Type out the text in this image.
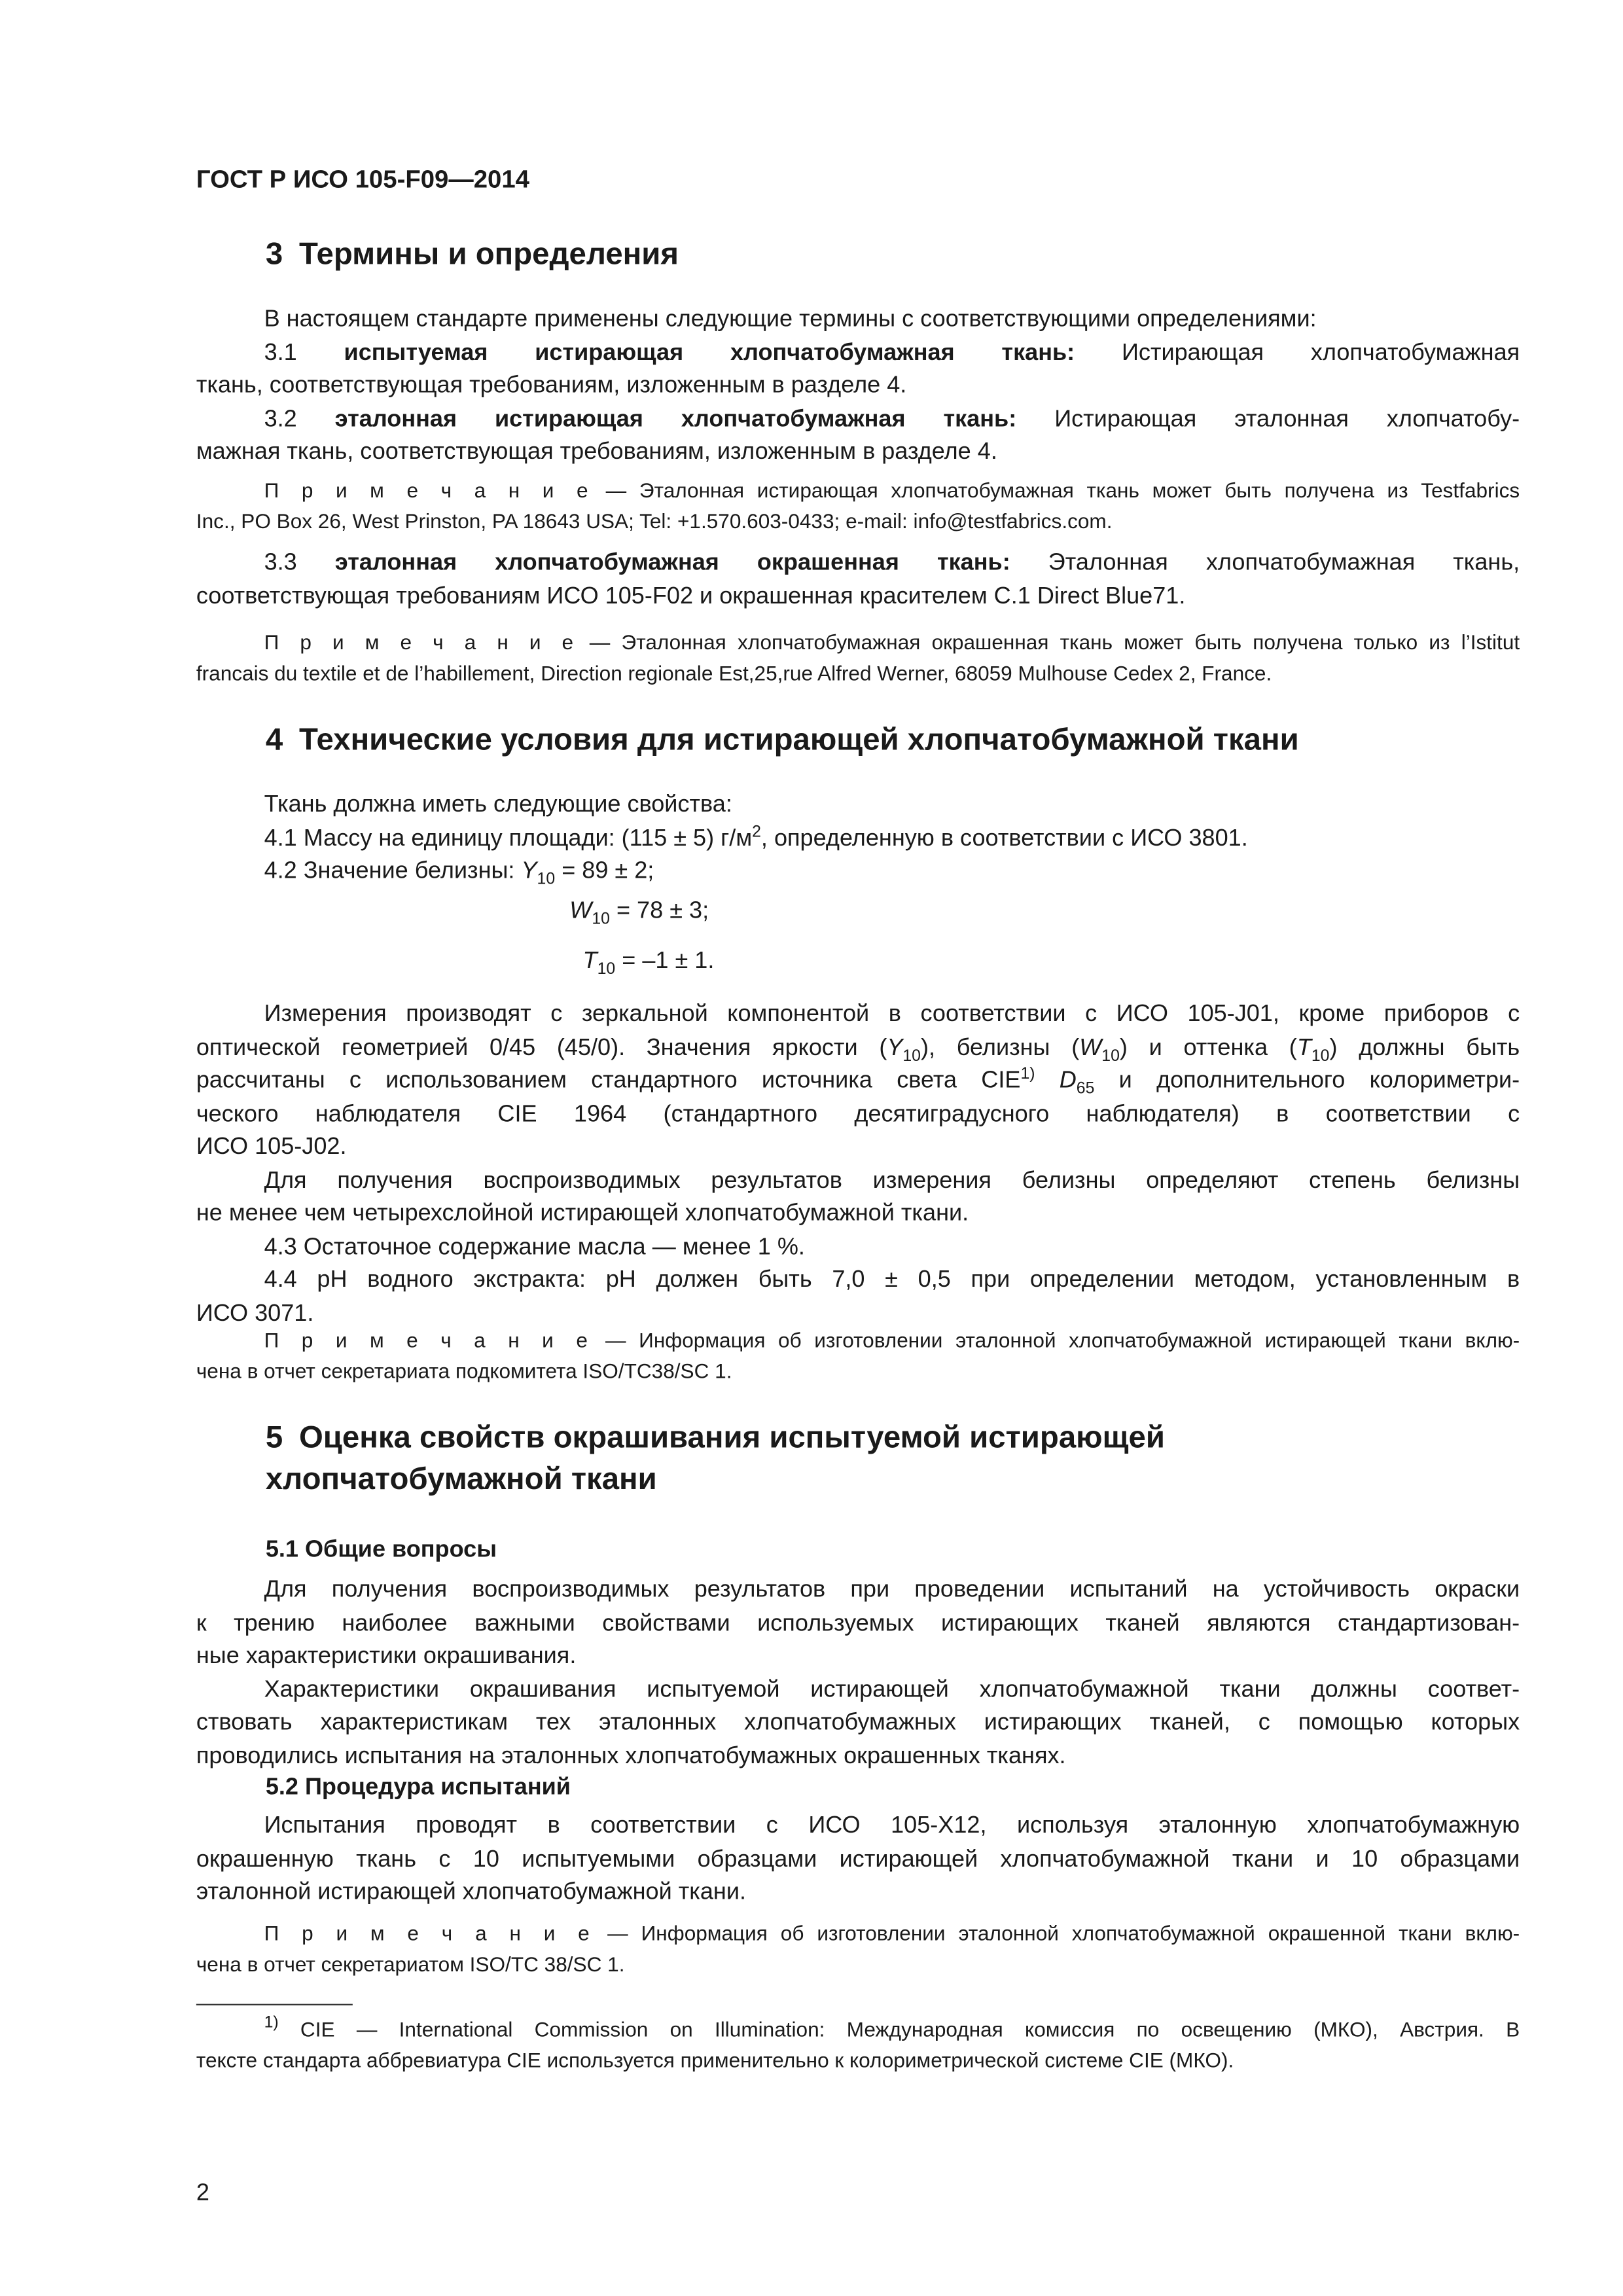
ГОСТ Р ИСО 105-F09—2014
3 Термины и определения

В настоящем стандарте применены следующие термины с соответствующими определениями:

3.1	испытуемая истирающая хлопчатобумажная ткань:	Истирающая хлопчатобумажная

ткань, соответствующая требованиям, изложенным в разделе 4.

3.2	эталонная истирающая хлопчатобумажная ткань:	Истирающая эталонная хлопчатобу-

мажная ткань, соответствующая требованиям, изложенным в разделе 4.

П р и м е ч а н и е — Эталонная истирающая хлопчатобумажная ткань может быть получена из Testfabrics

Inc., PO Box 26, West Prinston, PA 18643 USA; Tel: +1.570.603-0433; e-mail: info@testfabrics.com.

3.3	эталонная хлопчатобумажная окрашенная ткань:	Эталонная хлопчатобумажная ткань,

соответствующая требованиям ИСО 105-F02 и окрашенная красителем C.1 Direct Blue71.

П р и м е ч а н и е — Эталонная хлопчатобумажная окрашенная ткань может быть получена только из l’Istitut

francais du textile et de l’habillement, Direction regionale Est,25,rue Alfred Werner, 68059 Mulhouse Cedex 2, France.

4 Технические условия для истирающей хлопчатобумажной ткани

Ткань должна иметь следующие свойства:

4.1 Массу на единицу площади: (115 ± 5) $г/м^2$, определенную в соответствии с ИСО 3801.

4.2 Значение белизны: $Y_{10} = 89 \pm 2$;

$W_{10} = 78 \pm 3$;
$T_{10} = -1 \pm 1$.

Измерения производят с зеркальной компонентой в соответствии с ИСО 105-J01, кроме приборов с

оптической геометрией 0/45 (45/0). Значения яркости $(Y_{10})$, белизны $(W_{10})$ и оттенка $(T_{10})$ должны быть

рассчитаны с использованием стандартного источника света CIE$^{1)}$ $D_{65}$ и дополнительного колориметри-

ческого наблюдателя CIE 1964 (стандартного десятиградусного наблюдателя) в соответствии с

ИСО 105-J02.

Для получения воспроизводимых результатов измерения белизны определяют степень белизны

не менее чем четырехслойной истирающей хлопчатобумажной ткани.

4.3 Остаточное содержание масла — менее 1 %.

4.4 pH водного экстракта: pH должен быть 7,0 ± 0,5 при определении методом, установленным в

ИСО 3071.

П р и м е ч а н и е — Информация об изготовлении эталонной хлопчатобумажной истирающей ткани вклю-

чена в отчет секретариата подкомитета ISO/TC38/SC 1.

5 Оценка свойств окрашивания испытуемой истирающей
хлопчатобумажной ткани
5.1 Общие вопросы

Для получения воспроизводимых результатов при проведении испытаний на устойчивость окраски

к трению наиболее важными свойствами используемых истирающих тканей являются стандартизован-

ные характеристики окрашивания.

Характеристики окрашивания испытуемой истирающей хлопчатобумажной ткани должны соответ-

ствовать характеристикам тех эталонных хлопчатобумажных истирающих тканей, с помощью которых

проводились испытания на эталонных хлопчатобумажных окрашенных тканях.

5.2 Процедура испытаний

Испытания проводят в соответствии с ИСО 105-X12, используя эталонную хлопчатобумажную

окрашенную ткань с 10 испытуемыми образцами истирающей хлопчатобумажной ткани и 10 образцами

эталонной истирающей хлопчатобумажной ткани.

П р и м е ч а н и е — Информация об изготовлении эталонной хлопчатобумажной окрашенной ткани вклю-

чена в отчет секретариатом ISO/TC 38/SC 1.

$^{1)}$ CIE — International Commission on Illumination: Международная комиссия по освещению (МКО), Австрия. В

тексте стандарта аббревиатура CIE используется применительно к колориметрической системе CIE (МКО).

2
